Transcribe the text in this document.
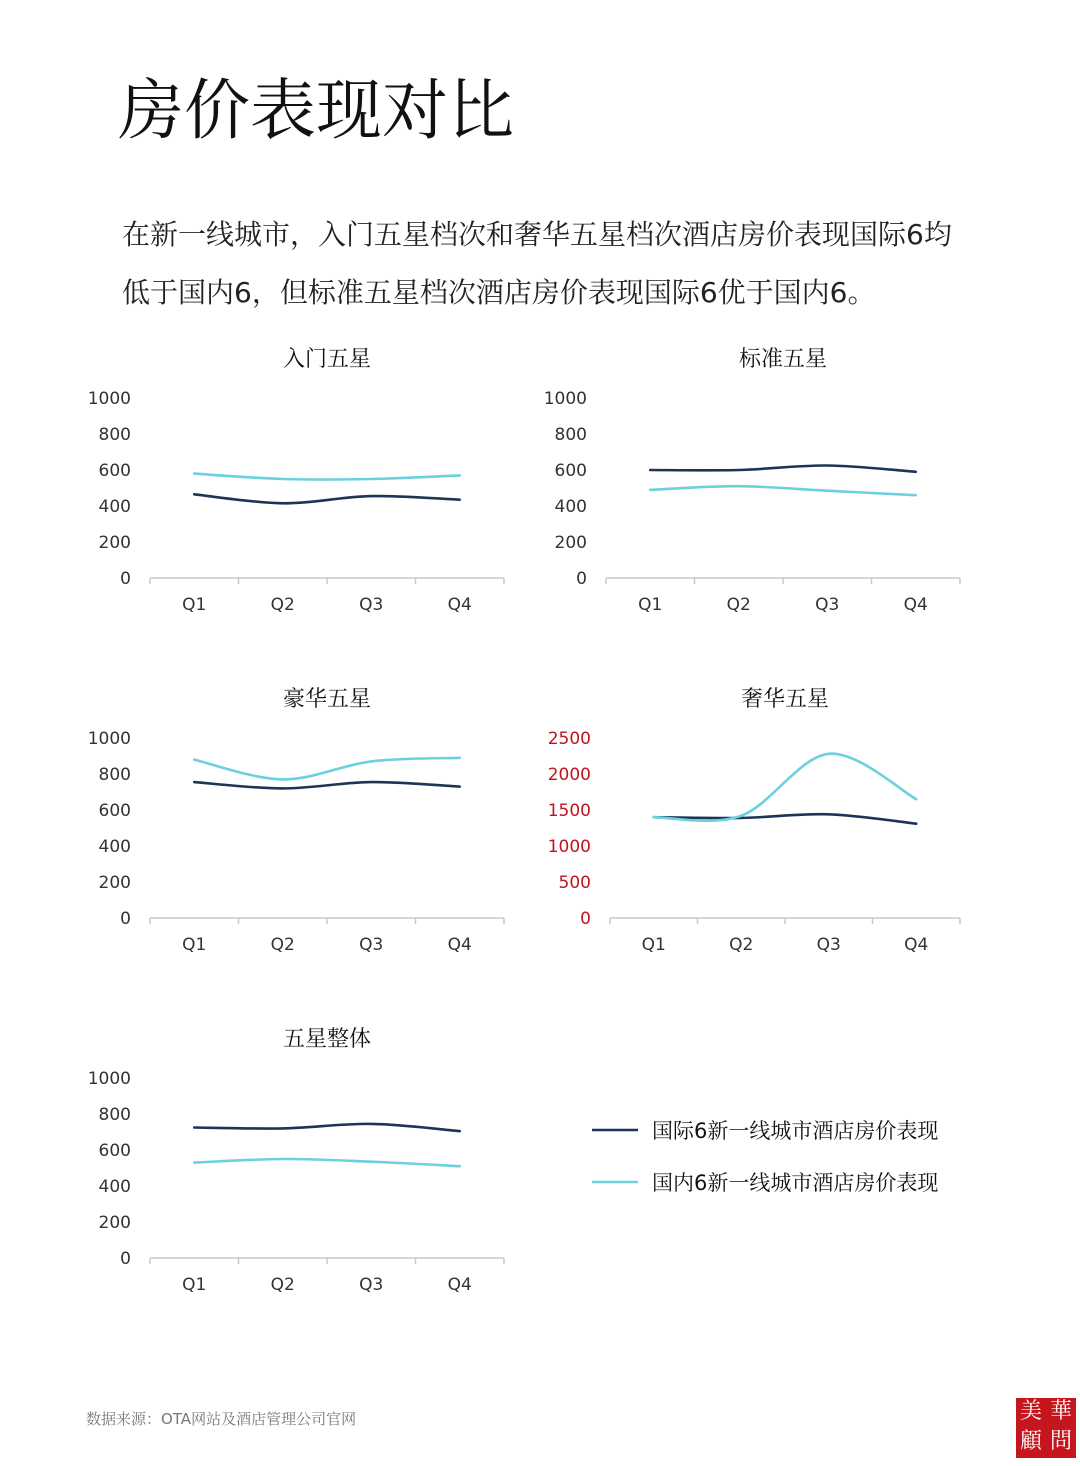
房价表现对比

在新一线城市，入门五星档次和奢华五星档次酒店房价表现国际6均
低于国内6，但标准五星档次酒店房价表现国际6优于国内6。

入门五星
0
200
400
600
800
1000
Q1	Q2	Q3	Q4
标准五星
0
200
400
600
800
1000
Q1	Q2	Q3	Q4
豪华五星
0
200
400
600
800
1000
Q1	Q2	Q3	Q4
奢华五星
0
500
1000
1500
2000
2500
Q1	Q2	Q3	Q4
五星整体
0
200
400
600
800
1000
Q1	Q2	Q3	Q4
国际6新一线城市酒店房价表现
国内6新一线城市酒店房价表现
数据来源：OTA网站及酒店管理公司官网	美 華
顧 問
